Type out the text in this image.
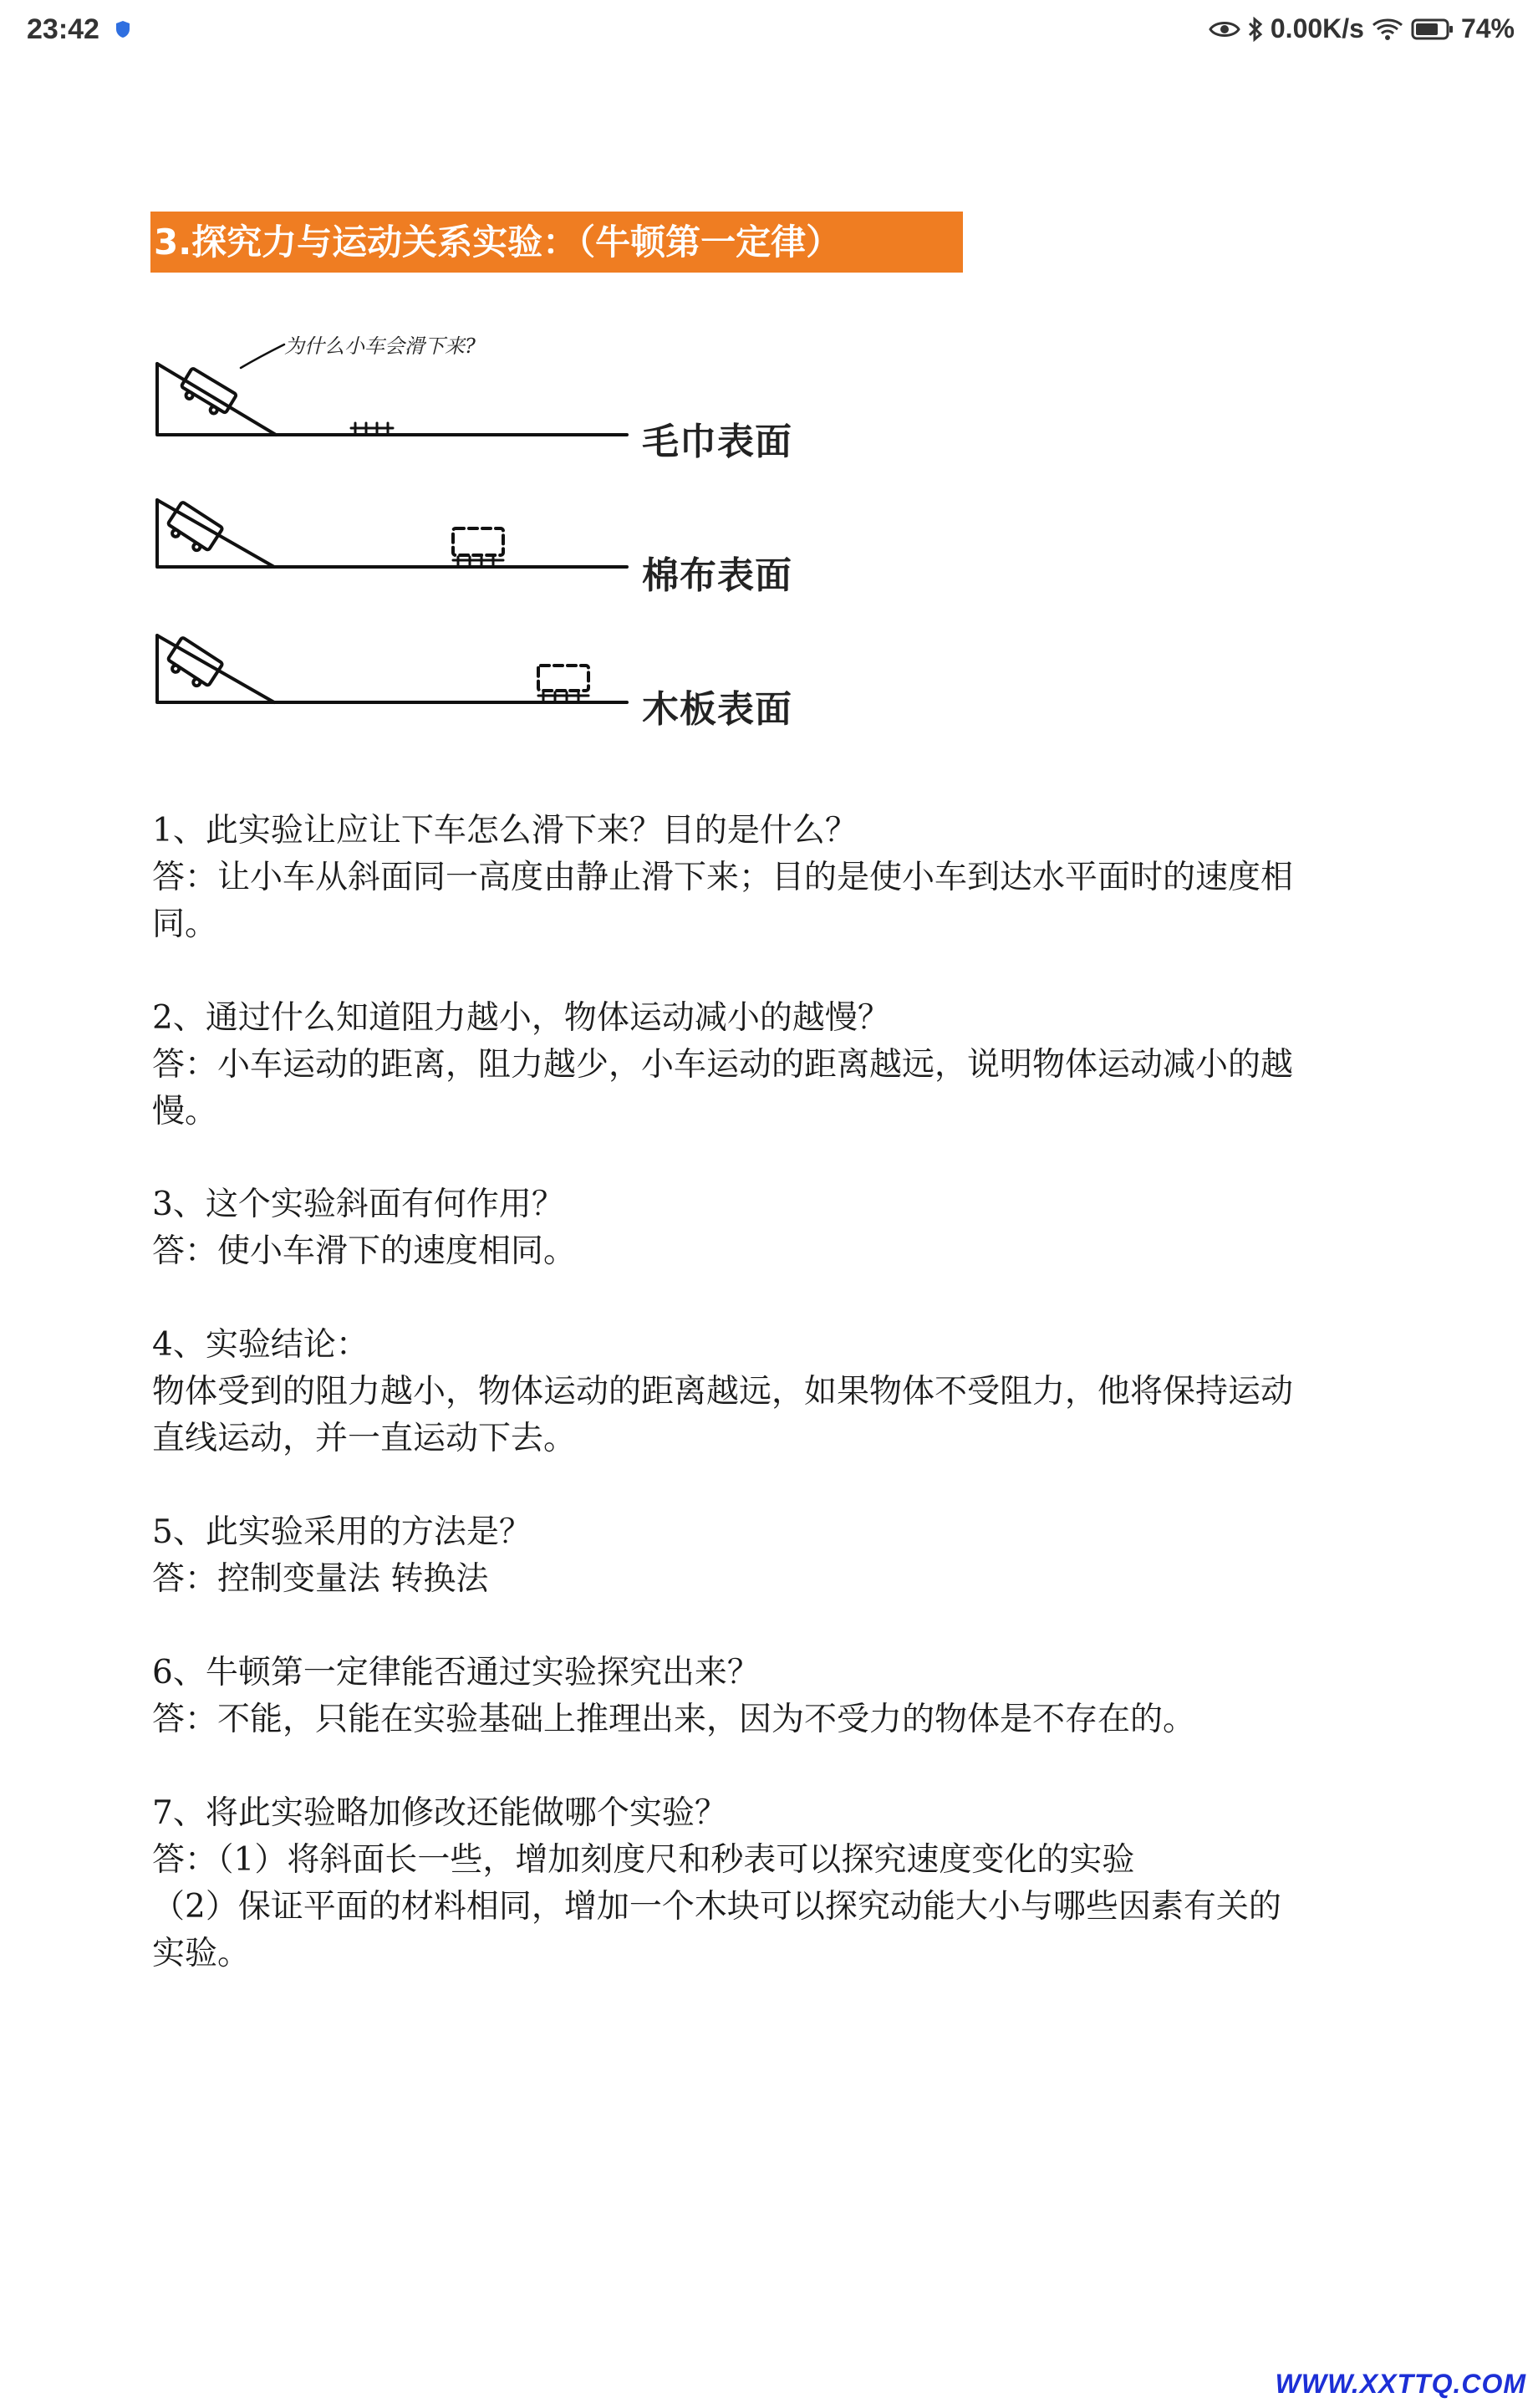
23:42	0.00K/s	74%
3.探究力与运动关系实验：（牛顿第一定律）
为什么小车会滑下来?
毛巾表面
棉布表面
木板表面
1、此实验让应让下车怎么滑下来？目的是什么？
答：让小车从斜面同一高度由静止滑下来；目的是使小车到达水平面时的速度相
同。
2、通过什么知道阻力越小，物体运动减小的越慢？
答：小车运动的距离，阻力越少，小车运动的距离越远，说明物体运动减小的越
慢。
3、这个实验斜面有何作用？
答：使小车滑下的速度相同。
4、实验结论：
物体受到的阻力越小，物体运动的距离越远，如果物体不受阻力，他将保持运动
直线运动，并一直运动下去。
5、此实验采用的方法是？
答：控制变量法 转换法
6、牛顿第一定律能否通过实验探究出来？
答：不能，只能在实验基础上推理出来，因为不受力的物体是不存在的。
7、将此实验略加修改还能做哪个实验？
答：（1）将斜面长一些，增加刻度尺和秒表可以探究速度变化的实验
（2）保证平面的材料相同，增加一个木块可以探究动能大小与哪些因素有关的
实验。
WWW.XXTTQ.COM
